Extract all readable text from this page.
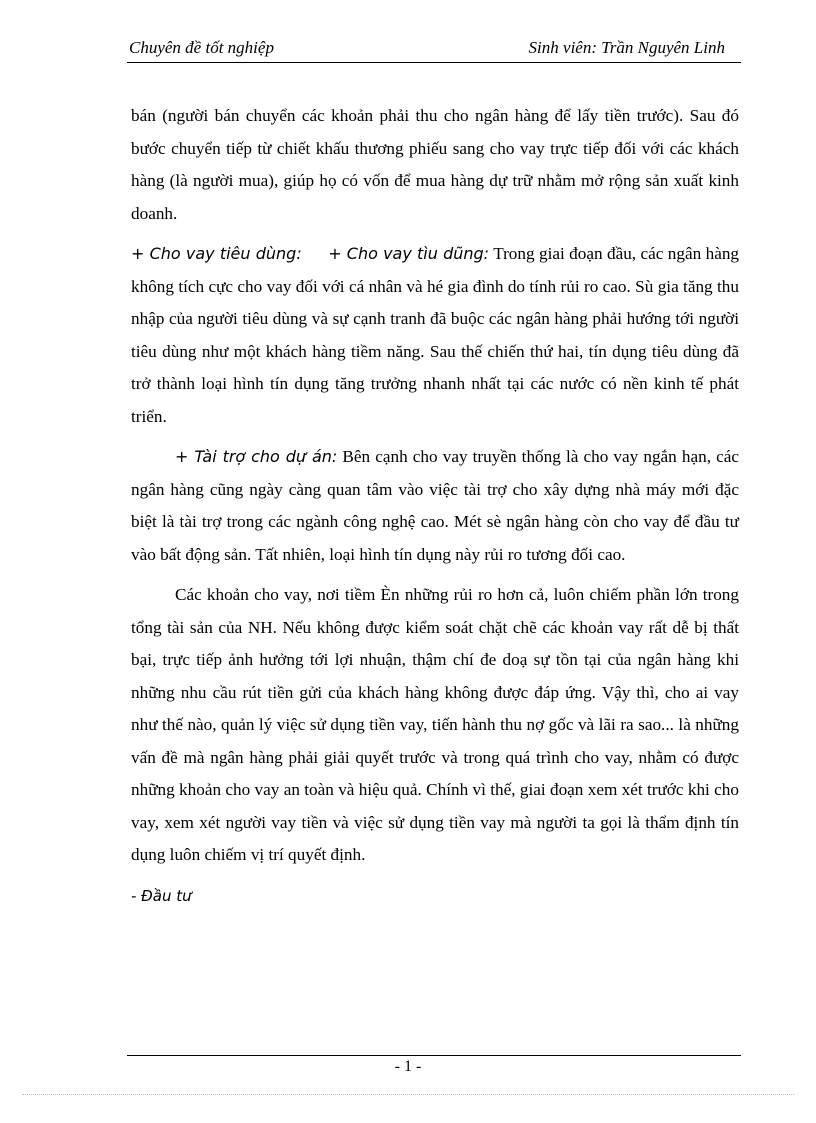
Chuyên đề tốt nghiệp	Sinh viên: Trần Nguyên Linh

bán (người bán chuyển các khoản phải thu cho ngân hàng để lấy tiền trước). Sau đó bước chuyển tiếp từ chiết khấu thương phiếu sang cho vay trực tiếp đối với các khách hàng (là người mua), giúp họ có vốn để mua hàng dự trữ nhằm mở rộng sản xuất kinh doanh.

+ Cho vay tiêu dùng: + Cho vay tìu dũng: Trong giai đoạn đầu, các ngân hàng không tích cực cho vay đối với cá nhân và hé gia đình do tính rủi ro cao. Sù gia tăng thu nhập của người tiêu dùng và sự cạnh tranh đã buộc các ngân hàng phải hướng tới người tiêu dùng như một khách hàng tiềm năng. Sau thế chiến thứ hai, tín dụng tiêu dùng đã trở thành loại hình tín dụng tăng trưởng nhanh nhất tại các nước có nền kinh tế phát triển.

+ Tài trợ cho dự án: Bên cạnh cho vay truyền thống là cho vay ngắn hạn, các ngân hàng cũng ngày càng quan tâm vào việc tài trợ cho xây dựng nhà máy mới đặc biệt là tài trợ trong các ngành công nghệ cao. Mét sè ngân hàng còn cho vay để đầu tư vào bất động sản. Tất nhiên, loại hình tín dụng này rủi ro tương đối cao.

Các khoản cho vay, nơi tiềm Èn những rủi ro hơn cả, luôn chiếm phần lớn trong tổng tài sản của NH. Nếu không được kiểm soát chặt chẽ các khoản vay rất dễ bị thất bại, trực tiếp ảnh hưởng tới lợi nhuận, thậm chí đe doạ sự tồn tại của ngân hàng khi những nhu cầu rút tiền gửi của khách hàng không được đáp ứng. Vậy thì, cho ai vay như thế nào, quản lý việc sử dụng tiền vay, tiến hành thu nợ gốc và lãi ra sao... là những vấn đề mà ngân hàng phải giải quyết trước và trong quá trình cho vay, nhằm có được những khoản cho vay an toàn và hiệu quả. Chính vì thế, giai đoạn xem xét trước khi cho vay, xem xét người vay tiền và việc sử dụng tiền vay mà người ta gọi là thẩm định tín dụng luôn chiếm vị trí quyết định.

- Đầu tư

- 1 -
